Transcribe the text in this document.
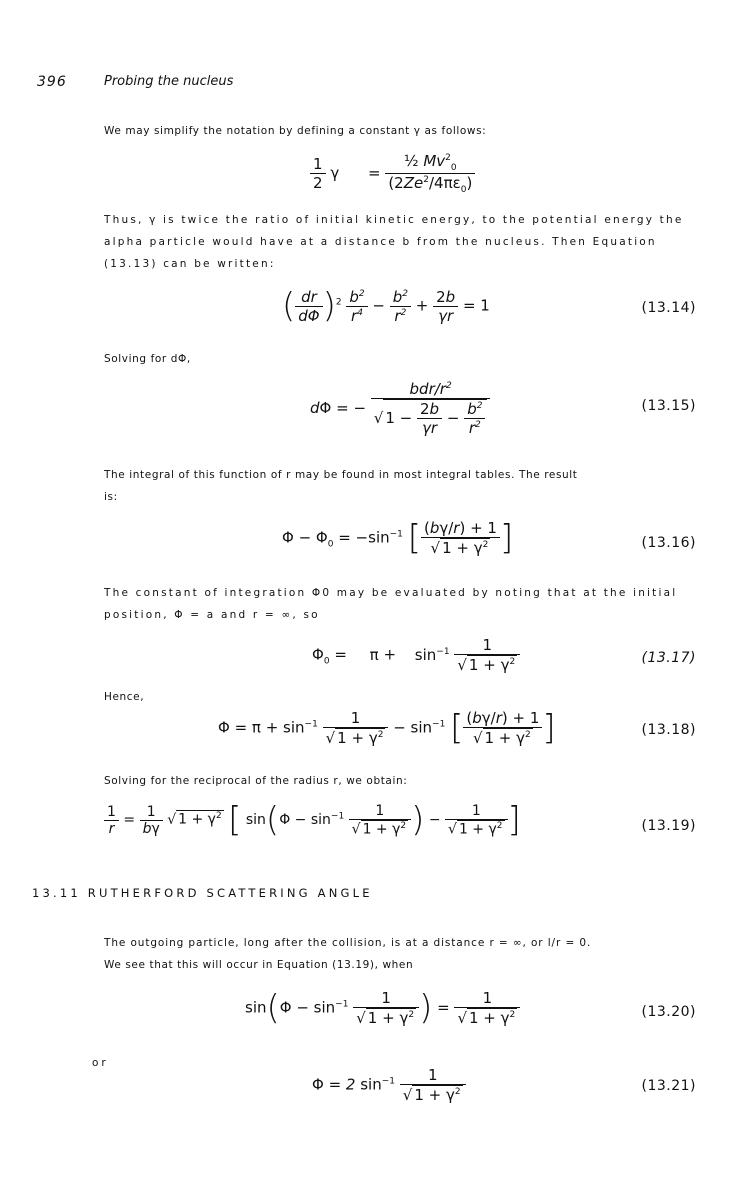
396	Probing the nucleus
We may simplify the notation by defining a constant γ as follows:
$\frac{1}{2}$ $\gamma = \frac{\frac{1}{2} Mv^2_0}{(2Ze^2/4\pi\varepsilon_0)}$
Thus, γ is twice the ratio of initial kinetic energy, to the potential energy the
alpha particle would have at a distance b from the nucleus. Then Equation
(13.13) can be written:
( $\frac{dr}{d\Phi} )^2 \frac{b^2}{r^4} - \frac{b^2}{r^2} + \frac{2b}{\gamma r} = 1$	(13.14)
Solving for dΦ,
dΦ = − $\frac{bdr/r^2}{√ 1 - \frac{2b}{\gamma r} - \frac{b^2}{r^2}}$	(13.15)
The integral of this function of r may be found in most integral tables. The result
is:
$\Phi - \Phi_0 = -\sin^{-1}$ [ $\frac{(b\gamma/r) + 1}{√ 1 + \gamma^2}$ ]	(13.16)
The constant of integration Φ0 may be evaluated by noting that at the initial
position, Φ = a and r = ∞, so
$\Phi_0 = \pi + \sin^{-1} \frac{1}{√ 1 + \gamma^2}$	(13.17)
Hence,
$\Phi = \pi + \sin^{-1} \frac{1}{√ 1 + \gamma^2} - \sin^{-1}$ [ $\frac{(b\gamma/r) + 1}{√ 1 + \gamma^2}$ ]	(13.18)
Solving for the reciprocal of the radius r, we obtain:
$\frac{1}{r} = \frac{1}{b\gamma}$ √ $1 + \gamma^2$ [ $\sin(\Phi - \sin^{-1} \frac{1}{√ 1 + \gamma^2}$ ) − $\frac{1}{√ 1 + \gamma^2}$ ]	(13.19)
13.11 RUTHERFORD SCATTERING ANGLE
The outgoing particle, long after the collision, is at a distance r = ∞, or l/r = 0.
We see that this will occur in Equation (13.19), when
$\sin(\Phi - \sin^{-1} \frac{1}{√ 1 + \gamma^2}$ ) = $\frac{1}{√ 1 + \gamma^2}$	(13.20)
or
Φ = 2 $\sin^{-1} \frac{1}{√ 1 + \gamma^2}$	(13.21)
